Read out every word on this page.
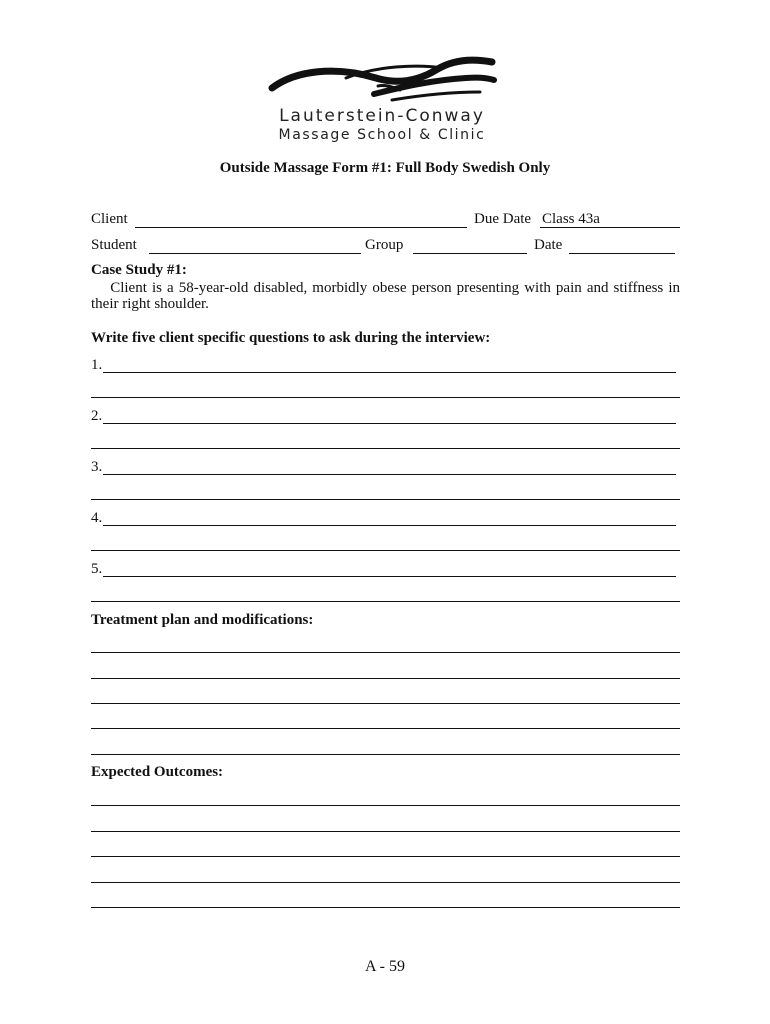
Lauterstein-Conway
Massage School & Clinic
Outside Massage Form #1: Full Body Swedish Only
Client	Due Date Class 43a
Student	Group	Date
Case Study #1:
Client is a 58-year-old disabled, morbidly obese person presenting with pain and stiffness in their right shoulder.
Write five client specific questions to ask during the interview:
1.
2.
3.
4.
5.
Treatment plan and modifications:
Expected Outcomes:
A - 59
